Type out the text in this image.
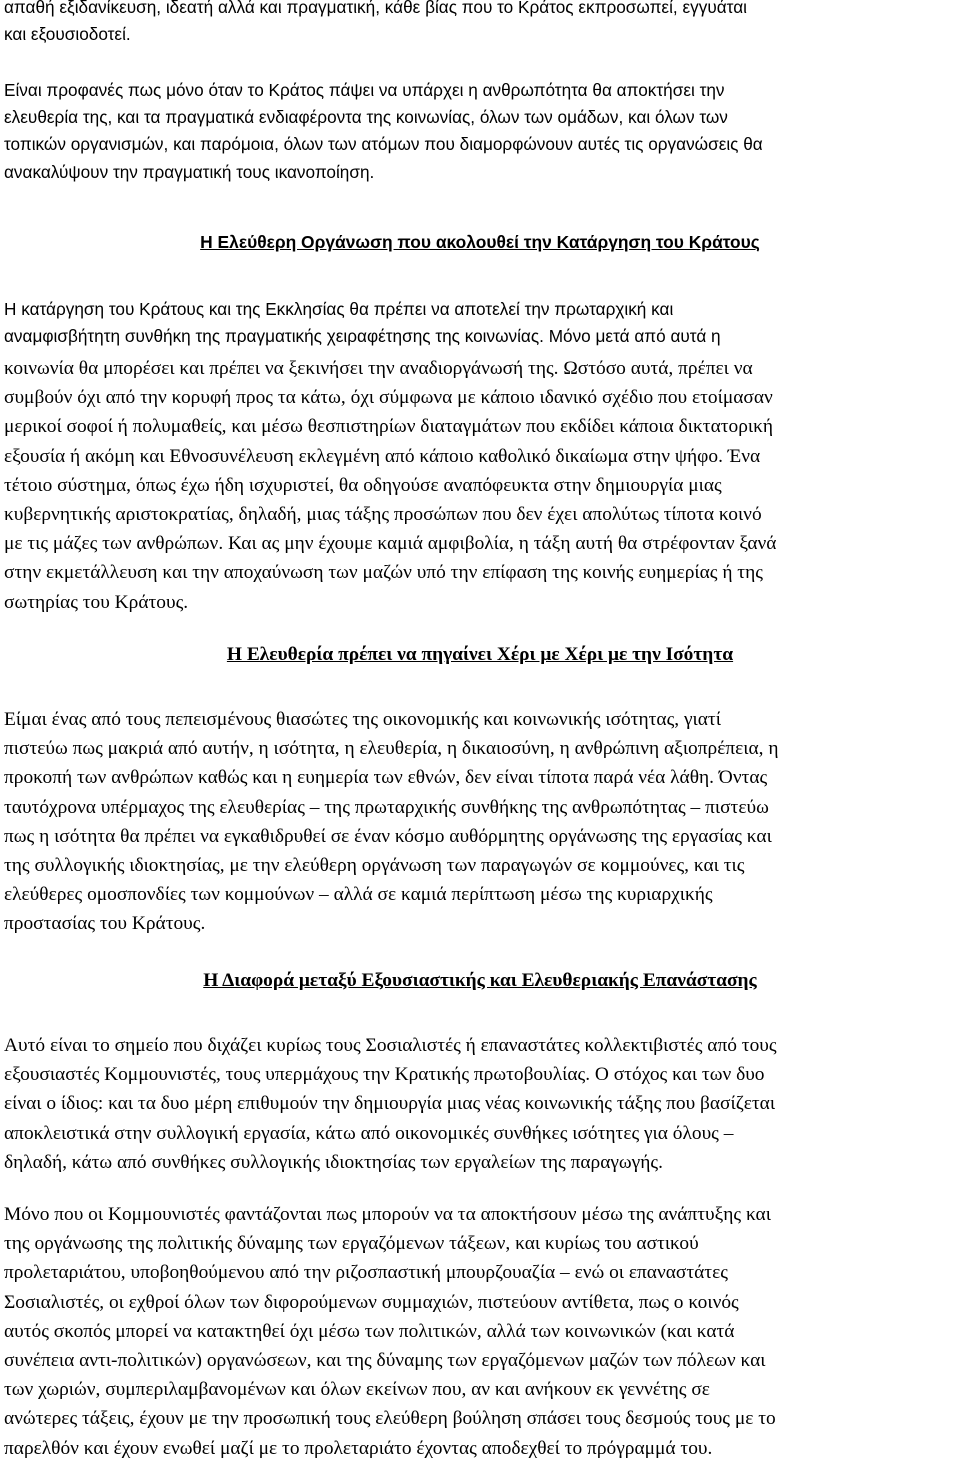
απαθή εξιδανίκευση, ιδεατή αλλά και πραγματική, κάθε βίας που το Κράτος εκπροσωπεί, εγγυάται
και εξουσιοδοτεί.

Είναι προφανές πως μόνο όταν το Κράτος πάψει να υπάρχει η ανθρωπότητα θα αποκτήσει την
ελευθερία της, και τα πραγματικά ενδιαφέροντα της κοινωνίας, όλων των ομάδων, και όλων των
τοπικών οργανισμών, και παρόμοια, όλων των ατόμων που διαμορφώνουν αυτές τις οργανώσεις θα
ανακαλύψουν την πραγματική τους ικανοποίηση.

Η Ελεύθερη Οργάνωση που ακολουθεί την Κατάργηση του Κράτους

Η κατάργηση του Κράτους και της Εκκλησίας θα πρέπει να αποτελεί την πρωταρχική και
αναμφισβήτητη συνθήκη της πραγματικής χειραφέτησης της κοινωνίας. Μόνο μετά από αυτά η

κοινωνία θα μπορέσει και πρέπει να ξεκινήσει την αναδιοργάνωσή της. Ωστόσο αυτά, πρέπει να
συμβούν όχι από την κορυφή προς τα κάτω, όχι σύμφωνα με κάποιο ιδανικό σχέδιο που ετοίμασαν
μερικοί σοφοί ή πολυμαθείς, και μέσω θεσπιστηρίων διαταγμάτων που εκδίδει κάποια δικτατορική
εξουσία ή ακόμη και Εθνοσυνέλευση εκλεγμένη από κάποιο καθολικό δικαίωμα στην ψήφο. Ένα
τέτοιο σύστημα, όπως έχω ήδη ισχυριστεί, θα οδηγούσε αναπόφευκτα στην δημιουργία μιας
κυβερνητικής αριστοκρατίας, δηλαδή, μιας τάξης προσώπων που δεν έχει απολύτως τίποτα κοινό
με τις μάζες των ανθρώπων. Και ας μην έχουμε καμιά αμφιβολία, η τάξη αυτή θα στρέφονταν ξανά
στην εκμετάλλευση και την αποχαύνωση των μαζών υπό την επίφαση της κοινής ευημερίας ή της
σωτηρίας του Κράτους.

Η Ελευθερία πρέπει να πηγαίνει Χέρι με Χέρι με την Ισότητα

Είμαι ένας από τους πεπεισμένους θιασώτες της οικονομικής και κοινωνικής ισότητας, γιατί
πιστεύω πως μακριά από αυτήν, η ισότητα, η ελευθερία, η δικαιοσύνη, η ανθρώπινη αξιοπρέπεια, η
προκοπή των ανθρώπων καθώς και η ευημερία των εθνών, δεν είναι τίποτα παρά νέα λάθη. Όντας
ταυτόχρονα υπέρμαχος της ελευθερίας – της πρωταρχικής συνθήκης της ανθρωπότητας – πιστεύω
πως η ισότητα θα πρέπει να εγκαθιδρυθεί σε έναν κόσμο αυθόρμητης οργάνωσης της εργασίας και
της συλλογικής ιδιοκτησίας, με την ελεύθερη οργάνωση των παραγωγών σε κομμούνες, και τις
ελεύθερες ομοσπονδίες των κομμούνων – αλλά σε καμιά περίπτωση μέσω της κυριαρχικής
προστασίας του Κράτους.

Η Διαφορά μεταξύ Εξουσιαστικής και Ελευθεριακής Επανάστασης

Αυτό είναι το σημείο που διχάζει κυρίως τους Σοσιαλιστές ή επαναστάτες κολλεκτιβιστές από τους
εξουσιαστές Κομμουνιστές, τους υπερμάχους την Κρατικής πρωτοβουλίας. Ο στόχος και των δυο
είναι ο ίδιος: και τα δυο μέρη επιθυμούν την δημιουργία μιας νέας κοινωνικής τάξης που βασίζεται
αποκλειστικά στην συλλογική εργασία, κάτω από οικονομικές συνθήκες ισότητες για όλους –
δηλαδή, κάτω από συνθήκες συλλογικής ιδιοκτησίας των εργαλείων της παραγωγής.

Μόνο που οι Κομμουνιστές φαντάζονται πως μπορούν να τα αποκτήσουν μέσω της ανάπτυξης και
της οργάνωσης της πολιτικής δύναμης των εργαζόμενων τάξεων, και κυρίως του αστικού
προλεταριάτου, υποβοηθούμενου από την ριζοσπαστική μπουρζουαζία – ενώ οι επαναστάτες
Σοσιαλιστές, οι εχθροί όλων των διφορούμενων συμμαχιών, πιστεύουν αντίθετα, πως ο κοινός
αυτός σκοπός μπορεί να κατακτηθεί όχι μέσω των πολιτικών, αλλά των κοινωνικών (και κατά
συνέπεια αντι-πολιτικών) οργανώσεων, και της δύναμης των εργαζόμενων μαζών των πόλεων και
των χωριών, συμπεριλαμβανομένων και όλων εκείνων που, αν και ανήκουν εκ γεννέτης σε
ανώτερες τάξεις, έχουν με την προσωπική τους ελεύθερη βούληση σπάσει τους δεσμούς τους με το
παρελθόν και έχουν ενωθεί μαζί με το προλεταριάτο έχοντας αποδεχθεί το πρόγραμμά του.
